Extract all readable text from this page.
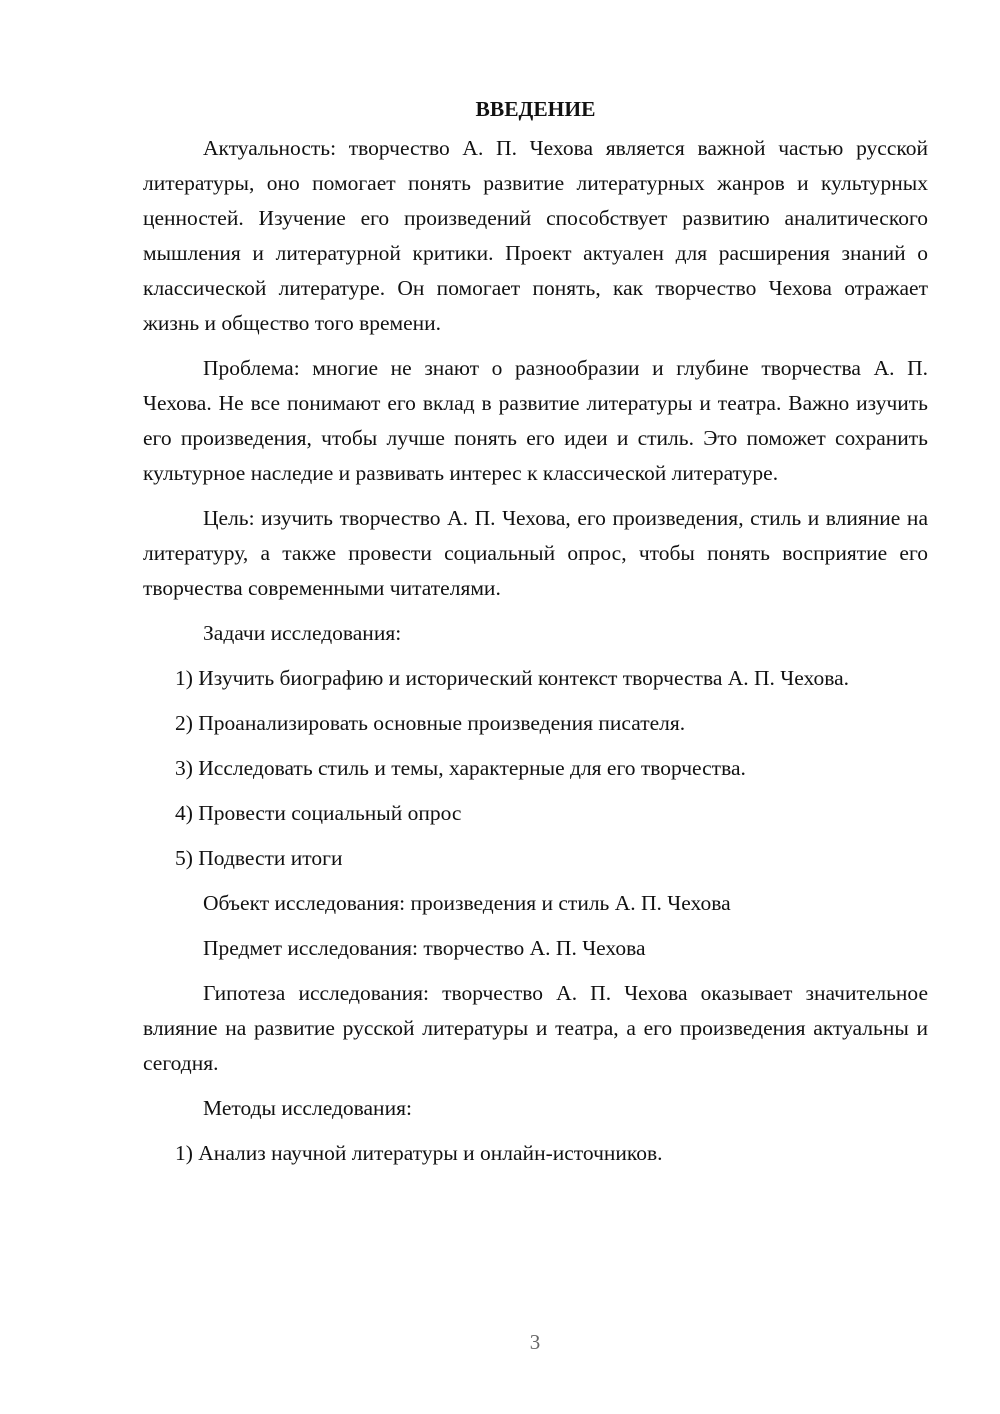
ВВЕДЕНИЕ

Актуальность: творчество А. П. Чехова является важной частью русской литературы, оно помогает понять развитие литературных жанров и культурных ценностей. Изучение его произведений способствует развитию аналитического мышления и литературной критики. Проект актуален для расширения знаний о классической литературе. Он помогает понять, как творчество Чехова отражает жизнь и общество того времени.

Проблема: многие не знают о разнообразии и глубине творчества А. П. Чехова. Не все понимают его вклад в развитие литературы и театра. Важно изучить его произведения, чтобы лучше понять его идеи и стиль. Это поможет сохранить культурное наследие и развивать интерес к классической литературе.

Цель: изучить творчество А. П. Чехова, его произведения, стиль и влияние на литературу, а также провести социальный опрос, чтобы понять восприятие его творчества современными читателями.

Задачи исследования:

1) Изучить биографию и исторический контекст творчества А. П. Чехова.

2) Проанализировать основные произведения писателя.

3) Исследовать стиль и темы, характерные для его творчества.

4) Провести социальный опрос

5) Подвести итоги

Объект исследования: произведения и стиль А. П. Чехова

Предмет исследования: творчество А. П. Чехова

Гипотеза исследования: творчество А. П. Чехова оказывает значительное влияние на развитие русской литературы и театра, а его произведения актуальны и сегодня.

Методы исследования:

1) Анализ научной литературы и онлайн-источников.

3
